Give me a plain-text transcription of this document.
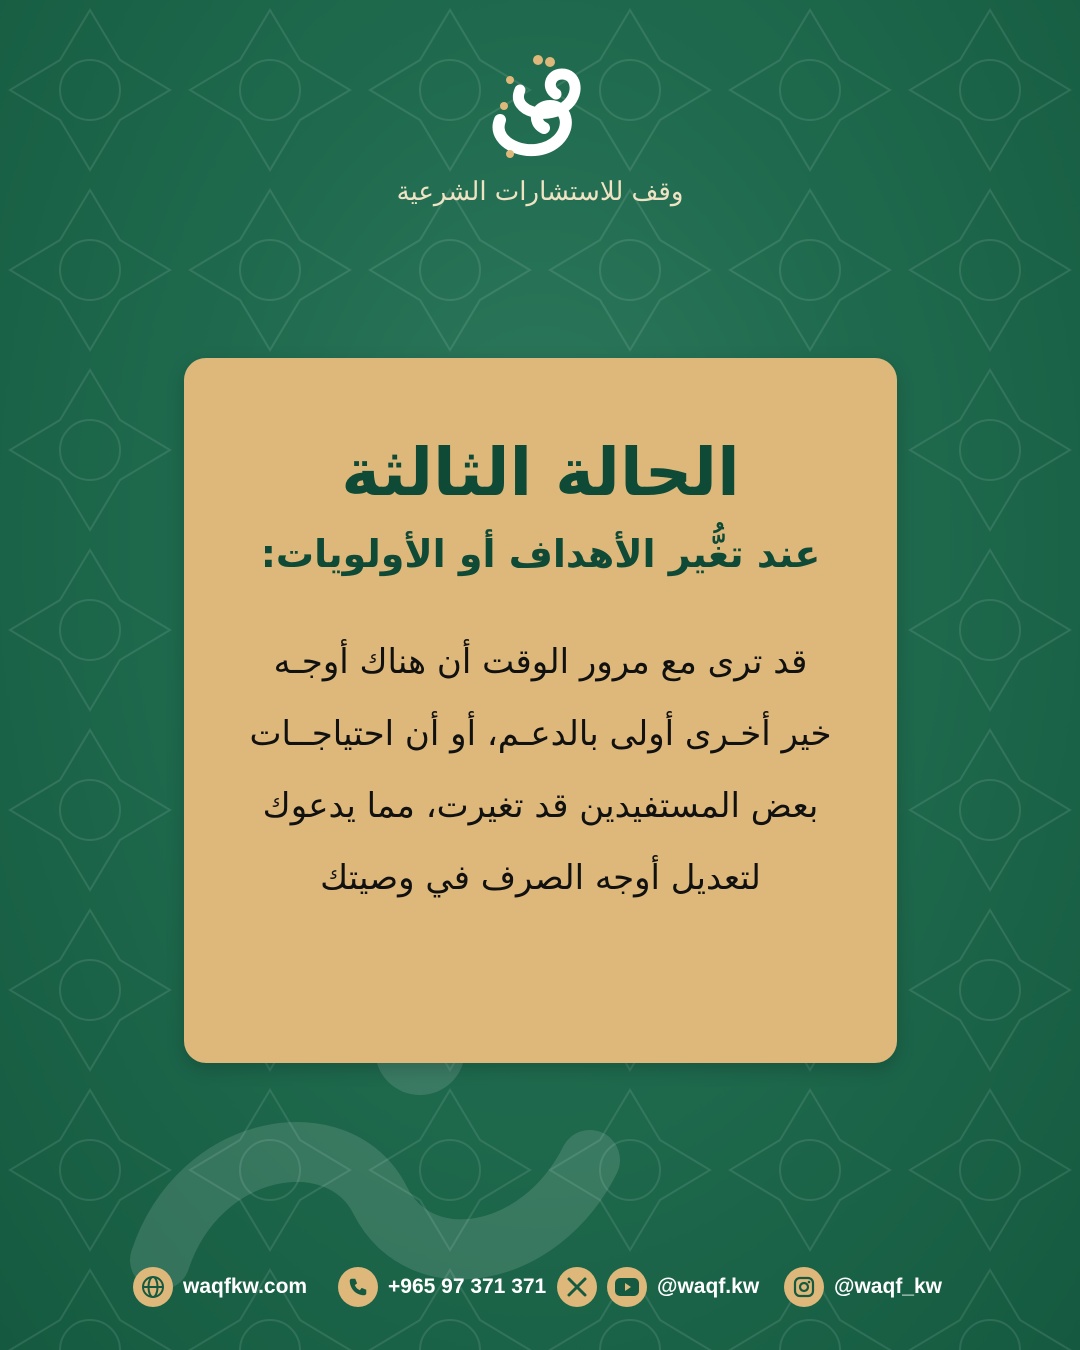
وقف للاستشارات الشرعية
الحالة الثالثة
عند تغُّير الأهداف أو الأولويات:
قد ترى مع مرور الوقت أن هناك أوجـه
خير أخـرى أولى بالدعـم، أو أن احتياجــات
بعض المستفيدين قد تغيرت، مما يدعوك
لتعديل أوجه الصرف في وصيتك
waqfkw.com	+965 97 371 371	@waqf.kw	@waqf_kw
